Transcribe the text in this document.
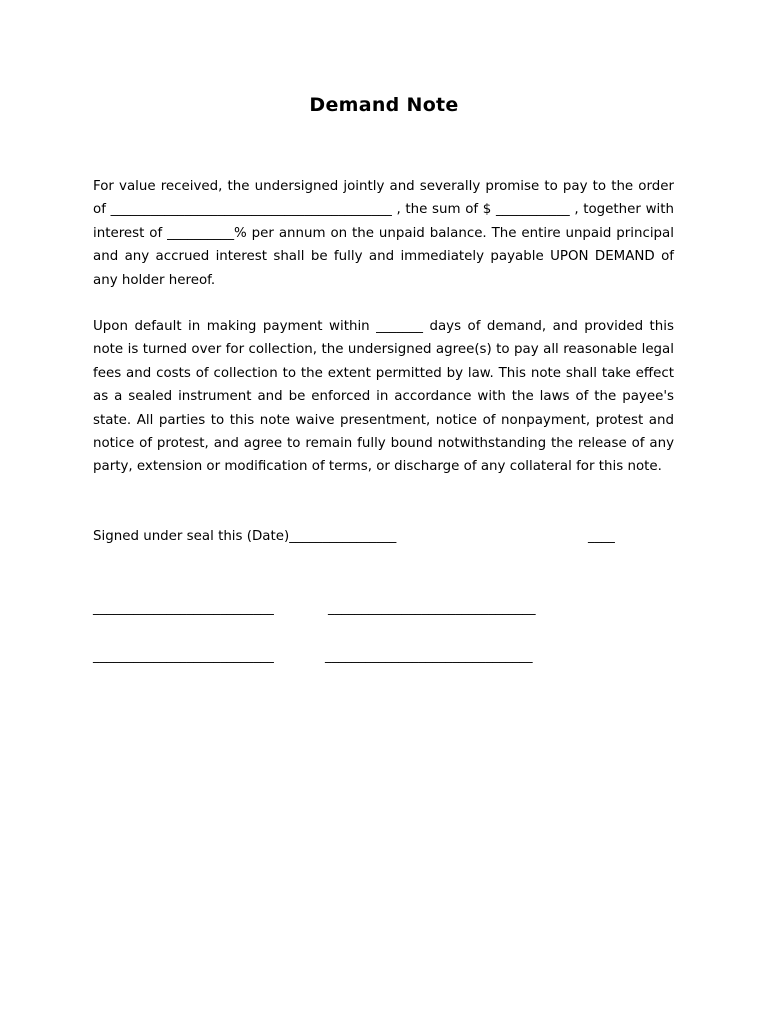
Demand Note
For value received, the undersigned jointly and severally promise to pay to the order of __________________________________________ , the sum of $ ___________ , together with interest of __________% per annum on the unpaid balance. The entire unpaid principal and any accrued interest shall be fully and immediately payable UPON DEMAND of any holder hereof.
Upon default in making payment within _______ days of demand, and provided this note is turned over for collection, the undersigned agree(s) to pay all reasonable legal fees and costs of collection to the extent permitted by law. This note shall take effect as a sealed instrument and be enforced in accordance with the laws of the payee's state. All parties to this note waive presentment, notice of nonpayment, protest and notice of protest, and agree to remain fully bound notwithstanding the release of any party, extension or modification of terms, or discharge of any collateral for this note.
Signed under seal this (Date)________________	____
___________________________	_______________________________
___________________________	_______________________________
